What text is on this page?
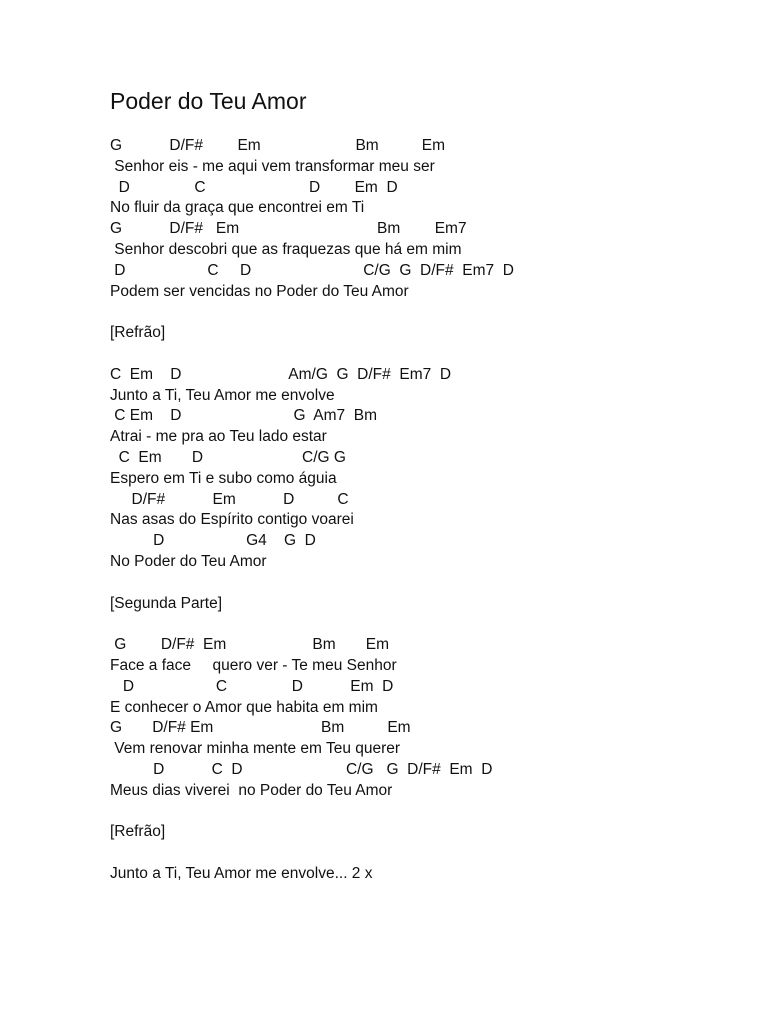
Poder do Teu Amor
G           D/F#        Em                      Bm          Em
Senhor eis - me aqui vem transformar meu ser
D               C                        D        Em  D
No fluir da graça que encontrei em Ti
G           D/F#   Em                                Bm        Em7
Senhor descobri que as fraquezas que há em mim
D                   C     D                          C/G  G  D/F#  Em7  D
Podem ser vencidas no Poder do Teu Amor
[Refrão]
C  Em    D                         Am/G  G  D/F#  Em7  D
Junto a Ti, Teu Amor me envolve
C Em    D                          G  Am7  Bm
Atrai - me pra ao Teu lado estar
C  Em       D                       C/G G
Espero em Ti e subo como águia
D/F#           Em           D          C
Nas asas do Espírito contigo voarei
D                   G4    G  D
No Poder do Teu Amor
[Segunda Parte]
G        D/F#  Em                    Bm       Em
Face a face     quero ver - Te meu Senhor
D                   C               D           Em  D
E conhecer o Amor que habita em mim
G       D/F# Em                         Bm          Em
Vem renovar minha mente em Teu querer
D           C  D                        C/G   G  D/F#  Em  D
Meus dias viverei  no Poder do Teu Amor
[Refrão]
Junto a Ti, Teu Amor me envolve... 2 x
